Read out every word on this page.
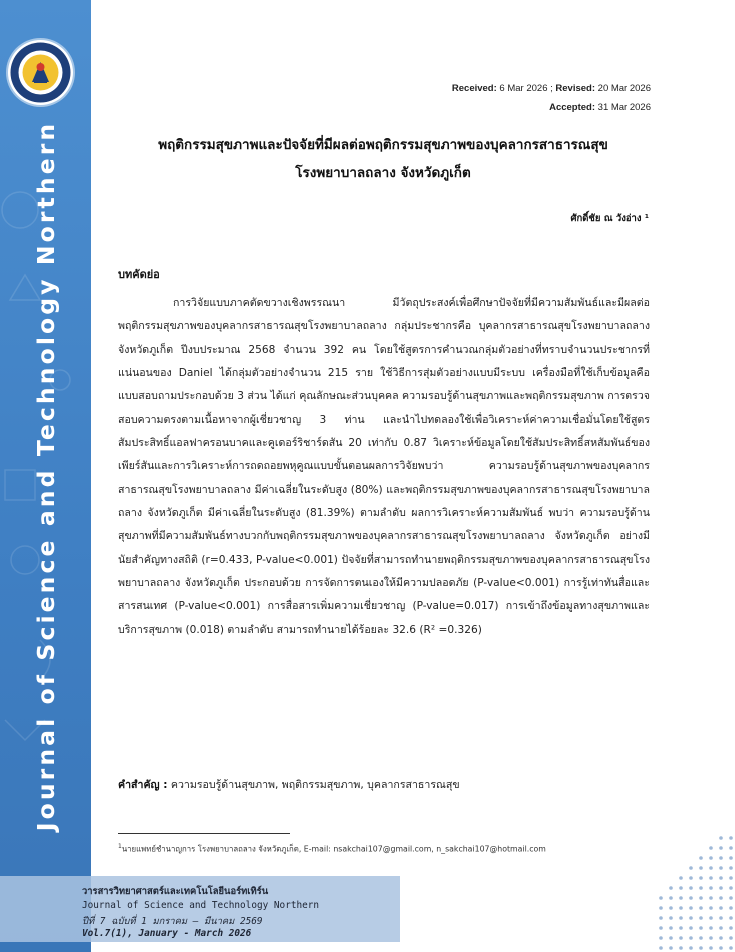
Journal of Science and Technology Northern
Received: 6 Mar 2026 ; Revised: 20 Mar 2026
Accepted: 31 Mar 2026
พฤติกรรมสุขภาพและปัจจัยที่มีผลต่อพฤติกรรมสุขภาพของบุคลากรสาธารณสุข
โรงพยาบาลถลาง จังหวัดภูเก็ต
ศักดิ์ชัย ณ วังอ่าง ¹
บทคัดย่อ

การวิจัยแบบภาคตัดขวางเชิงพรรณนา มีวัตถุประสงค์เพื่อศึกษาปัจจัยที่มีความสัมพันธ์และมีผลต่อพฤติกรรมสุขภาพของบุคลากรสาธารณสุขโรงพยาบาลถลาง กลุ่มประชากรคือ บุคลากรสาธารณสุขโรงพยาบาลถลาง จังหวัดภูเก็ต ปีงบประมาณ 2568 จำนวน 392 คน โดยใช้สูตรการคำนวณกลุ่มตัวอย่างที่ทราบจำนวนประชากรที่แน่นอนของ Daniel ได้กลุ่มตัวอย่างจำนวน 215 ราย ใช้วิธีการสุ่มตัวอย่างแบบมีระบบ เครื่องมือที่ใช้เก็บข้อมูลคือ แบบสอบถามประกอบด้วย 3 ส่วน ได้แก่ คุณลักษณะส่วนบุคคล ความรอบรู้ด้านสุขภาพและพฤติกรรมสุขภาพ การตรวจสอบความตรงตามเนื้อหาจากผู้เชี่ยวชาญ 3 ท่าน และนำไปทดลองใช้เพื่อวิเคราะห์ค่าความเชื่อมั่นโดยใช้สูตรสัมประสิทธิ์แอลฟาครอนบาคและคูเดอร์ริชาร์ดสัน 20 เท่ากับ 0.87 วิเคราะห์ข้อมูลโดยใช้สัมประสิทธิ์สหสัมพันธ์ของเพียร์สันและการวิเคราะห์การถดถอยพหุคูณแบบขั้นตอนผลการวิจัยพบว่า ความรอบรู้ด้านสุขภาพของบุคลากรสาธารณสุขโรงพยาบาลถลาง มีค่าเฉลี่ยในระดับสูง (80%) และพฤติกรรมสุขภาพของบุคลากรสาธารณสุขโรงพยาบาลถลาง จังหวัดภูเก็ต มีค่าเฉลี่ยในระดับสูง (81.39%) ตามลำดับ ผลการวิเคราะห์ความสัมพันธ์ พบว่า ความรอบรู้ด้านสุขภาพที่มีความสัมพันธ์ทางบวกกับพฤติกรรมสุขภาพของบุคลากรสาธารณสุขโรงพยาบาลถลาง จังหวัดภูเก็ต อย่างมีนัยสำคัญทางสถิติ (r=0.433, P-value<0.001) ปัจจัยที่สามารถทำนายพฤติกรรมสุขภาพของบุคลากรสาธารณสุขโรงพยาบาลถลาง จังหวัดภูเก็ต ประกอบด้วย การจัดการตนเองให้มีความปลอดภัย (P-value<0.001) การรู้เท่าทันสื่อและสารสนเทศ (P-value<0.001) การสื่อสารเพิ่มความเชี่ยวชาญ (P-value=0.017) การเข้าถึงข้อมูลทางสุขภาพและบริการสุขภาพ (0.018) ตามลำดับ สามารถทำนายได้ร้อยละ 32.6 (R² =0.326)

คำสำคัญ : ความรอบรู้ด้านสุขภาพ, พฤติกรรมสุขภาพ, บุคลากรสาธารณสุข
$^1$นายแพทย์ชำนาญการ โรงพยาบาลถลาง จังหวัดภูเก็ต, E-mail: nsakchai107@gmail.com, n_sakchai107@hotmail.com
วารสารวิทยาศาสตร์และเทคโนโลยีนอร์ทเทิร์น
Journal of Science and Technology Northern
ปีที่ 7 ฉบับที่ 1 มกราคม – มีนาคม 2569
Vol.7(1), January - March 2026
